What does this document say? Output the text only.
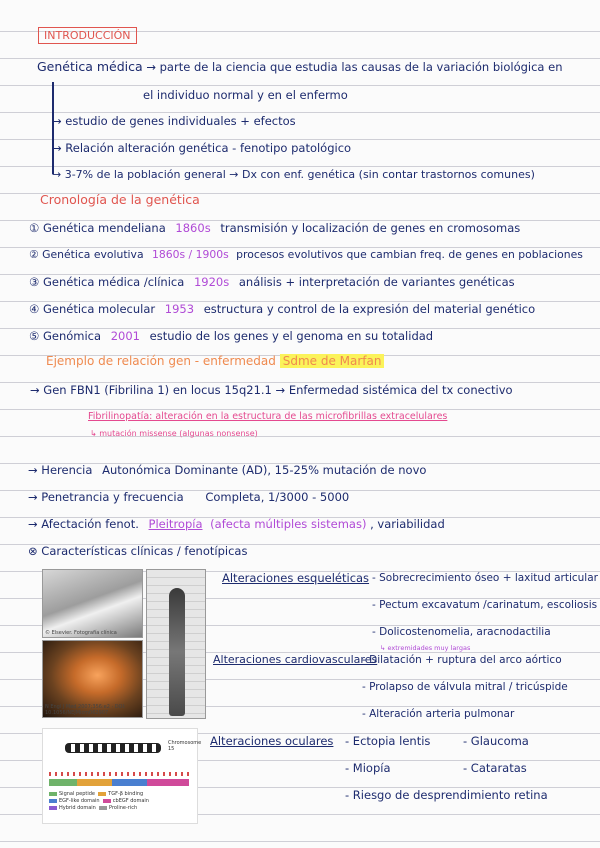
INTRODUCCIÓN
Genética médica → parte de la ciencia que estudia las causas de la variación biológica en
el individuo normal y en el enfermo
→ estudio de genes individuales + efectos
→ Relación alteración genética - fenotipo patológico
→ 3-7% de la población general → Dx con enf. genética (sin contar trastornos comunes)
Cronología de la genética
① Genética mendeliana 1860s transmisión y localización de genes en cromosomas
② Genética evolutiva 1860s / 1900s procesos evolutivos que cambian freq. de genes en poblaciones
③ Genética médica /clínica 1920s análisis + interpretación de variantes genéticas
④ Genética molecular 1953 estructura y control de la expresión del material genético
⑤ Genómica 2001 estudio de los genes y el genoma en su totalidad
Ejemplo de relación gen - enfermedad Sdme de Marfan
→ Gen FBN1 (Fibrilina 1) en locus 15q21.1 → Enfermedad sistémica del tx conectivo
Fibrilinopatía: alteración en la estructura de las microfibrillas extracelulares
↳ mutación missense (algunas nonsense)
→ Herencia Autonómica Dominante (AD), 15-25% mutación de novo
→ Penetrancia y frecuencia Completa, 1/3000 - 5000
→ Afectación fenot. Pleitropía (afecta múltiples sistemas) , variabilidad
⊗ Características clínicas / fenotípicas
© Elsevier. Fotografía clínica
N Engl J Med 2007;356:e2 · DOI: 10.1056/NEJMicm062907
Chromosome 15
Signal peptide	TGF-β binding
EGF-like domain	cbEGF domain
Hybrid domain	Proline-rich
Alteraciones esqueléticas - Sobrecrecimiento óseo + laxitud articular
- Pectum excavatum /carinatum, escoliosis
- Dolicostenomelia, aracnodactilia
↳ extremidades muy largas
Alteraciones cardiovasculares
- Dilatación + ruptura del arco aórtico
- Prolapso de válvula mitral / tricúspide
- Alteración arteria pulmonar
Alteraciones oculares - Ectopia lentis	- Glaucoma
- Miopía	- Cataratas
- Riesgo de desprendimiento retina
